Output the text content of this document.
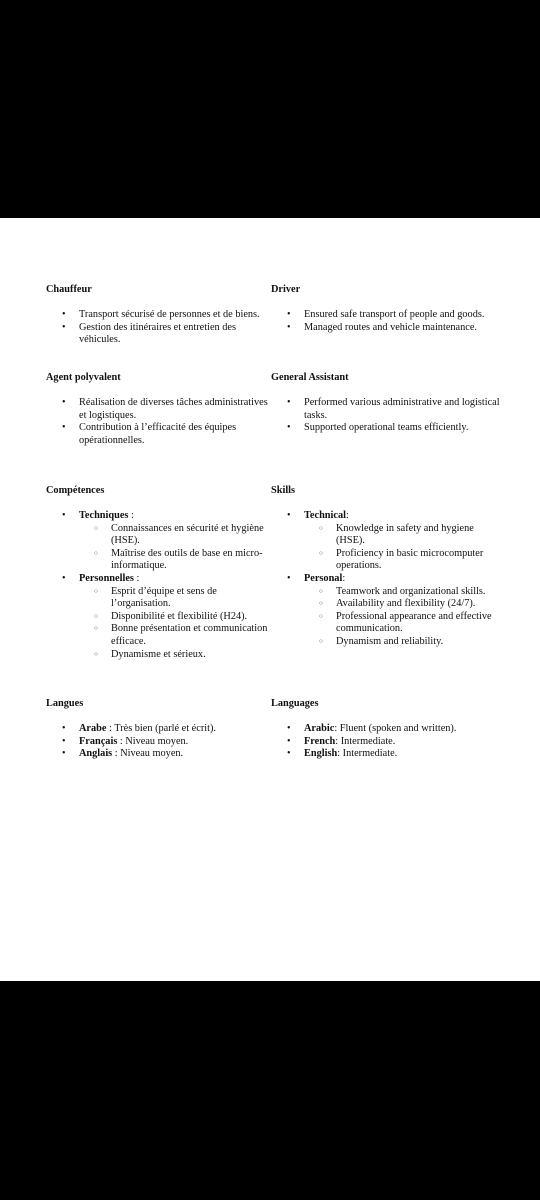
Chauffeur
• Transport sécurisé de personnes et de biens.
• Gestion des itinéraires et entretien des véhicules.
Agent polyvalent
• Réalisation de diverses tâches administratives et logistiques.
• Contribution à l’efficacité des équipes opérationnelles.
Compétences
• Techniques :
○ Connaissances en sécurité et hygiène (HSE).
○ Maîtrise des outils de base en micro-informatique.
• Personnelles :
○ Esprit d’équipe et sens de l’organisation.
○ Disponibilité et flexibilité (H24).
○ Bonne présentation et communication efficace.
○ Dynamisme et sérieux.
Langues
• Arabe : Très bien (parlé et écrit).
• Français : Niveau moyen.
• Anglais : Niveau moyen.
Driver
• Ensured safe transport of people and goods.
• Managed routes and vehicle maintenance.
General Assistant
• Performed various administrative and logistical tasks.
• Supported operational teams efficiently.
Skills
• Technical:
○ Knowledge in safety and hygiene (HSE).
○ Proficiency in basic microcomputer operations.
• Personal:
○ Teamwork and organizational skills.
○ Availability and flexibility (24/7).
○ Professional appearance and effective communication.
○ Dynamism and reliability.
Languages
• Arabic: Fluent (spoken and written).
• French: Intermediate.
• English: Intermediate.
